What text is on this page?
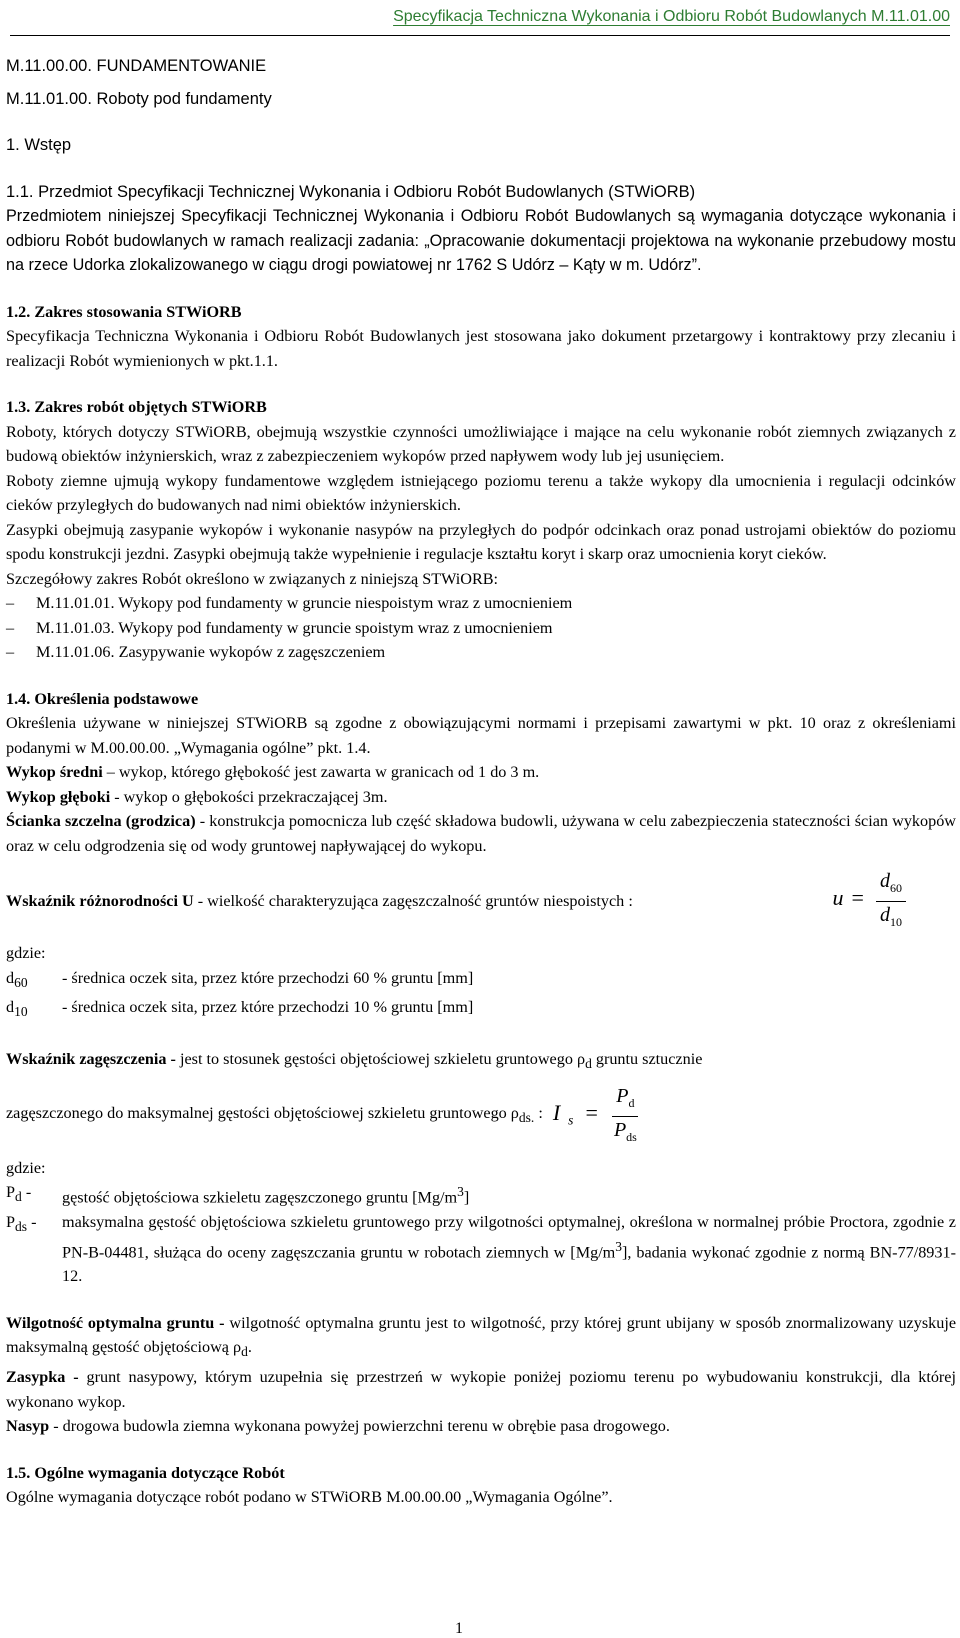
Specyfikacja Techniczna Wykonania i Odbioru Robót Budowlanych M.11.01.00

M.11.00.00. FUNDAMENTOWANIE

M.11.01.00. Roboty pod fundamenty

1. Wstęp

1.1. Przedmiot Specyfikacji Technicznej Wykonania i Odbioru Robót Budowlanych (STWiORB)

Przedmiotem niniejszej Specyfikacji Technicznej Wykonania i Odbioru Robót Budowlanych są wymagania dotyczące wykonania i odbioru Robót budowlanych w ramach realizacji zadania: „Opracowanie dokumentacji projektowa na wykonanie przebudowy mostu na rzece Udorka zlokalizowanego w ciągu drogi powiatowej nr 1762 S Udórz – Kąty w m. Udórz”.

1.2. Zakres stosowania STWiORB

Specyfikacja Techniczna Wykonania i Odbioru Robót Budowlanych jest stosowana jako dokument przetargowy i kontraktowy przy zlecaniu i realizacji Robót wymienionych w pkt.1.1.

1.3. Zakres robót objętych STWiORB

Roboty, których dotyczy STWiORB, obejmują wszystkie czynności umożliwiające i mające na celu wykonanie robót ziemnych związanych z budową obiektów inżynierskich, wraz z zabezpieczeniem wykopów przed napływem wody lub jej usunięciem.

Roboty ziemne ujmują wykopy fundamentowe względem istniejącego poziomu terenu a także wykopy dla umocnienia i regulacji odcinków cieków przyległych do budowanych nad nimi obiektów inżynierskich.

Zasypki obejmują zasypanie wykopów i wykonanie nasypów na przyległych do podpór odcinkach oraz ponad ustrojami obiektów do poziomu spodu konstrukcji jezdni. Zasypki obejmują także wypełnienie i regulacje kształtu koryt i skarp oraz umocnienia koryt cieków.

Szczegółowy zakres Robót określono w związanych z niniejszą STWiORB:

–	M.11.01.01. Wykopy pod fundamenty w gruncie niespoistym wraz z umocnieniem
–	M.11.01.03. Wykopy pod fundamenty w gruncie spoistym wraz z umocnieniem
–	M.11.01.06. Zasypywanie wykopów z zagęszczeniem

1.4. Określenia podstawowe

Określenia używane w niniejszej STWiORB są zgodne z obowiązującymi normami i przepisami zawartymi w pkt. 10 oraz z określeniami podanymi w M.00.00.00. „Wymagania ogólne” pkt. 1.4.

Wykop średni – wykop, którego głębokość jest zawarta w granicach od 1 do 3 m.

Wykop głęboki - wykop o głębokości przekraczającej 3m.

Ścianka szczelna (grodzica) - konstrukcja pomocnicza lub część składowa budowli, używana w celu zabezpieczenia stateczności ścian wykopów oraz w celu odgrodzenia się od wody gruntowej napływającej do wykopu.

Wskaźnik różnorodności U - wielkość charakteryzująca zagęszczalność gruntów niespoistych :	$u = \frac{d_{60}}{d_{10}}$

gdzie:

$d_{60}$	- średnica oczek sita, przez które przechodzi 60 % gruntu [mm]
$d_{10}$	- średnica oczek sita, przez które przechodzi 10 % gruntu [mm]

Wskaźnik zagęszczenia - jest to stosunek gęstości objętościowej szkieletu gruntowego $\rho_d$ gruntu sztucznie

zagęszczonego do maksymalnej gęstości objętościowej szkieletu gruntowego $\rho_{ds.}$ : I $_s = \frac{P_d}{P_{ds}}$

gdzie:

$P_d$ -	gęstość objętościowa szkieletu zagęszczonego gruntu $[Mg/m^3]$
$P_{ds}$ -	maksymalna gęstość objętościowa szkieletu gruntowego przy wilgotności optymalnej, określona w normalnej próbie Proctora, zgodnie z PN-B-04481, służąca do oceny zagęszczania gruntu w robotach ziemnych w $[Mg/m^3]$, badania wykonać zgodnie z normą BN-77/8931-12.

Wilgotność optymalna gruntu - wilgotność optymalna gruntu jest to wilgotność, przy której grunt ubijany w sposób znormalizowany uzyskuje maksymalną gęstość objętościową $\rho_d$.

Zasypka - grunt nasypowy, którym uzupełnia się przestrzeń w wykopie poniżej poziomu terenu po wybudowaniu konstrukcji, dla której wykonano wykop.

Nasyp - drogowa budowla ziemna wykonana powyżej powierzchni terenu w obrębie pasa drogowego.

1.5. Ogólne wymagania dotyczące Robót

Ogólne wymagania dotyczące robót podano w STWiORB M.00.00.00 „Wymagania Ogólne”.

1
